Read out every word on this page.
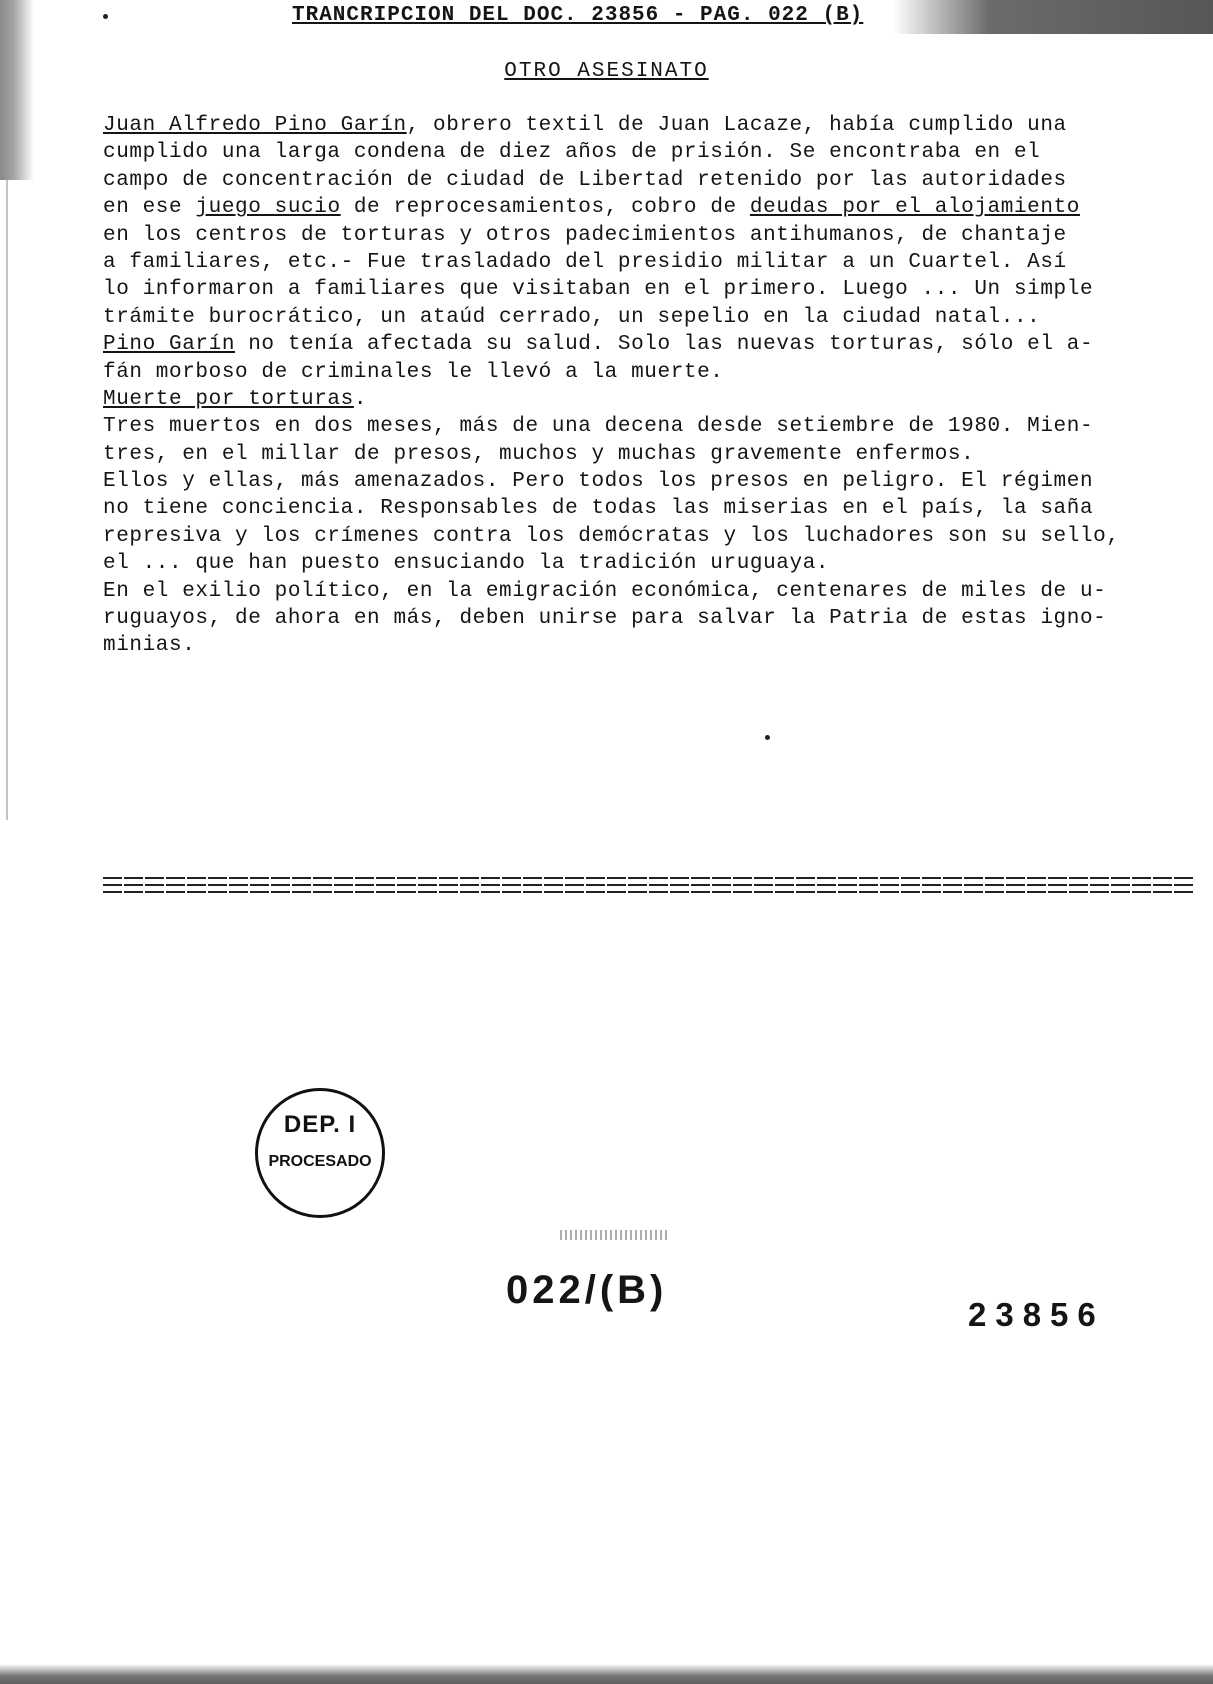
TRANCRIPCION DEL DOC. 23856 - PAG. 022 (B)
OTRO ASESINATO
Juan Alfredo Pino Garín, obrero textil de Juan Lacaze, había cumplido una
cumplido una larga condena de diez años de prisión. Se encontraba en el
campo de concentración de ciudad de Libertad retenido por las autoridades
en ese juego sucio de reprocesamientos, cobro de deudas por el alojamiento
en los centros de torturas y otros padecimientos antihumanos, de chantaje
a familiares, etc.- Fue trasladado del presidio militar a un Cuartel. Así
lo informaron a familiares que visitaban en el primero. Luego ... Un simple
trámite burocrático, un ataúd cerrado, un sepelio en la ciudad natal...
Pino Garín no tenía afectada su salud. Solo las nuevas torturas, sólo el a-
fán morboso de criminales le llevó a la muerte.
Muerte por torturas.
Tres muertos en dos meses, más de una decena desde setiembre de 1980. Mien-
tres, en el millar de presos, muchos y muchas gravemente enfermos.
Ellos y ellas, más amenazados. Pero todos los presos en peligro. El régimen
no tiene conciencia. Responsables de todas las miserias en el país, la saña
represiva y los crímenes contra los demócratas y los luchadores son su sello,
el ... que han puesto ensuciando la tradición uruguaya.
En el exilio político, en la emigración económica, centenares de miles de u-
ruguayos, de ahora en más, deben unirse para salvar la Patria de estas igno-
minias.
DEP. I
PROCESADO
022/(B)
23856
